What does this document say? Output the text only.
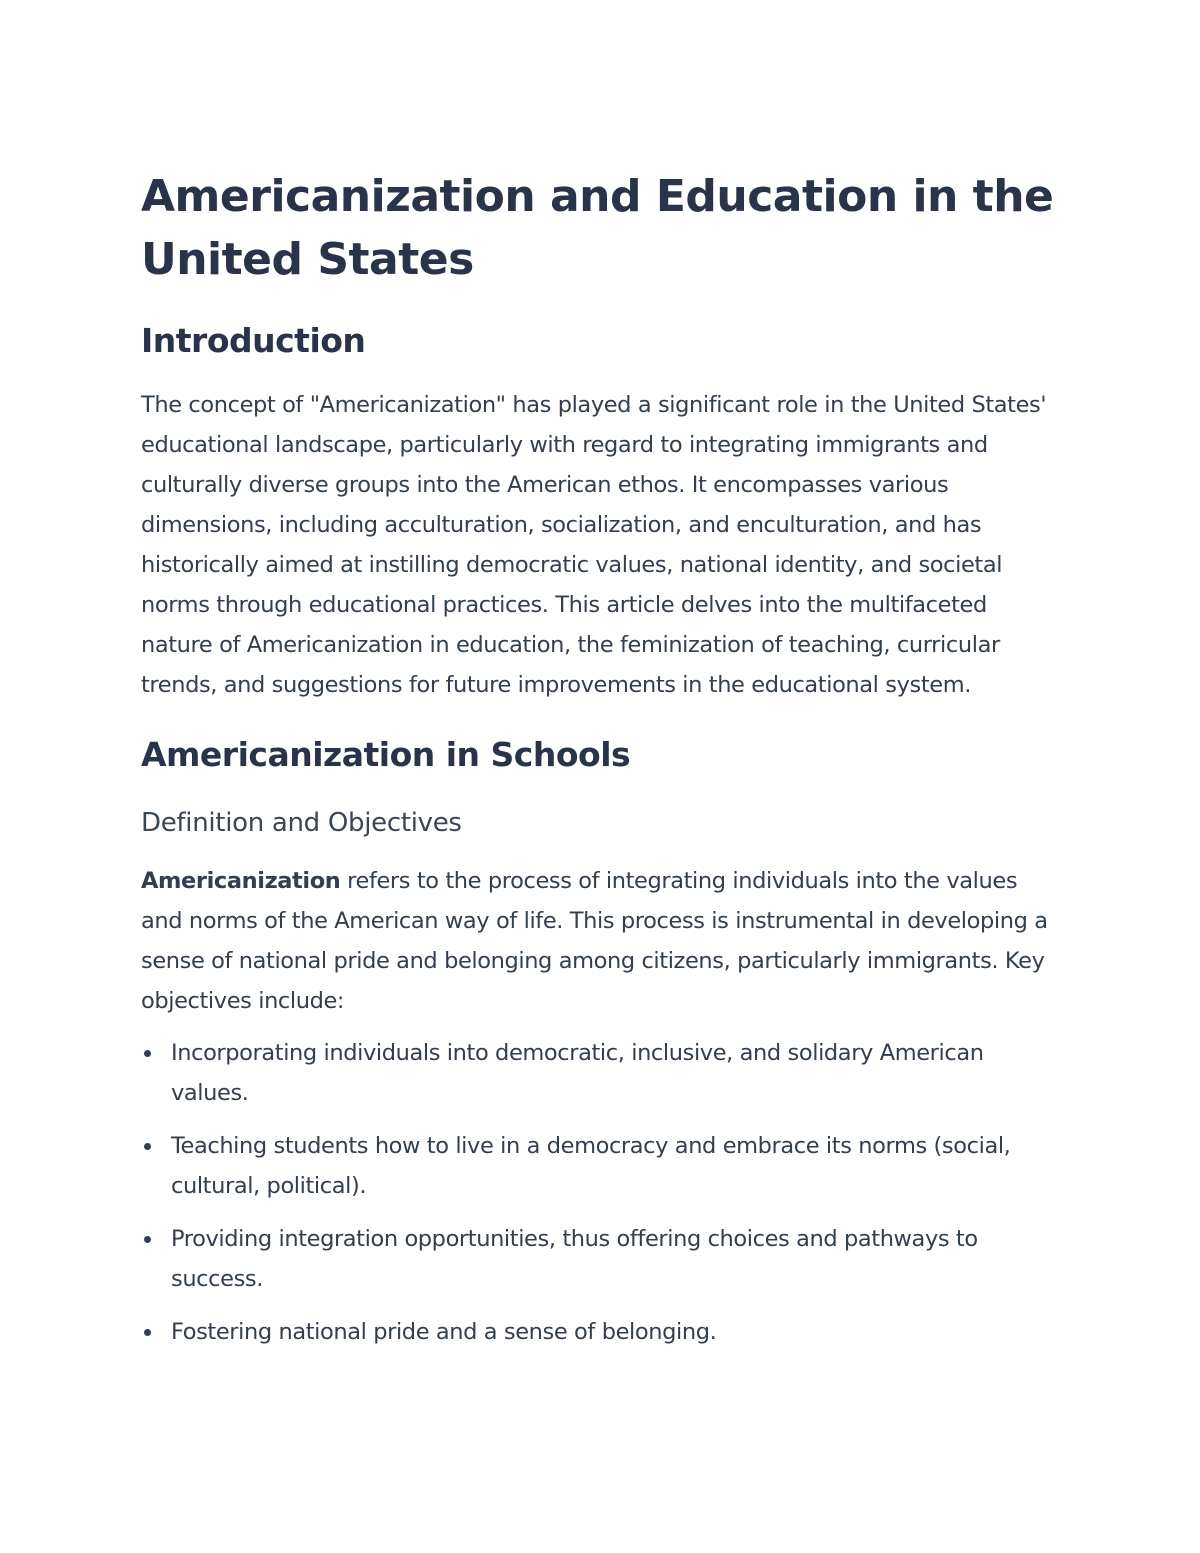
Americanization and Education in the United States
Introduction

The concept of "Americanization" has played a significant role in the United States' educational landscape, particularly with regard to integrating immigrants and culturally diverse groups into the American ethos. It encompasses various dimensions, including acculturation, socialization, and enculturation, and has historically aimed at instilling democratic values, national identity, and societal norms through educational practices. This article delves into the multifaceted nature of Americanization in education, the feminization of teaching, curricular trends, and suggestions for future improvements in the educational system.

Americanization in Schools
Definition and Objectives

Americanization refers to the process of integrating individuals into the values and norms of the American way of life. This process is instrumental in developing a sense of national pride and belonging among citizens, particularly immigrants. Key objectives include:

Incorporating individuals into democratic, inclusive, and solidary American values.
Teaching students how to live in a democracy and embrace its norms (social, cultural, political).
Providing integration opportunities, thus offering choices and pathways to success.
Fostering national pride and a sense of belonging.
